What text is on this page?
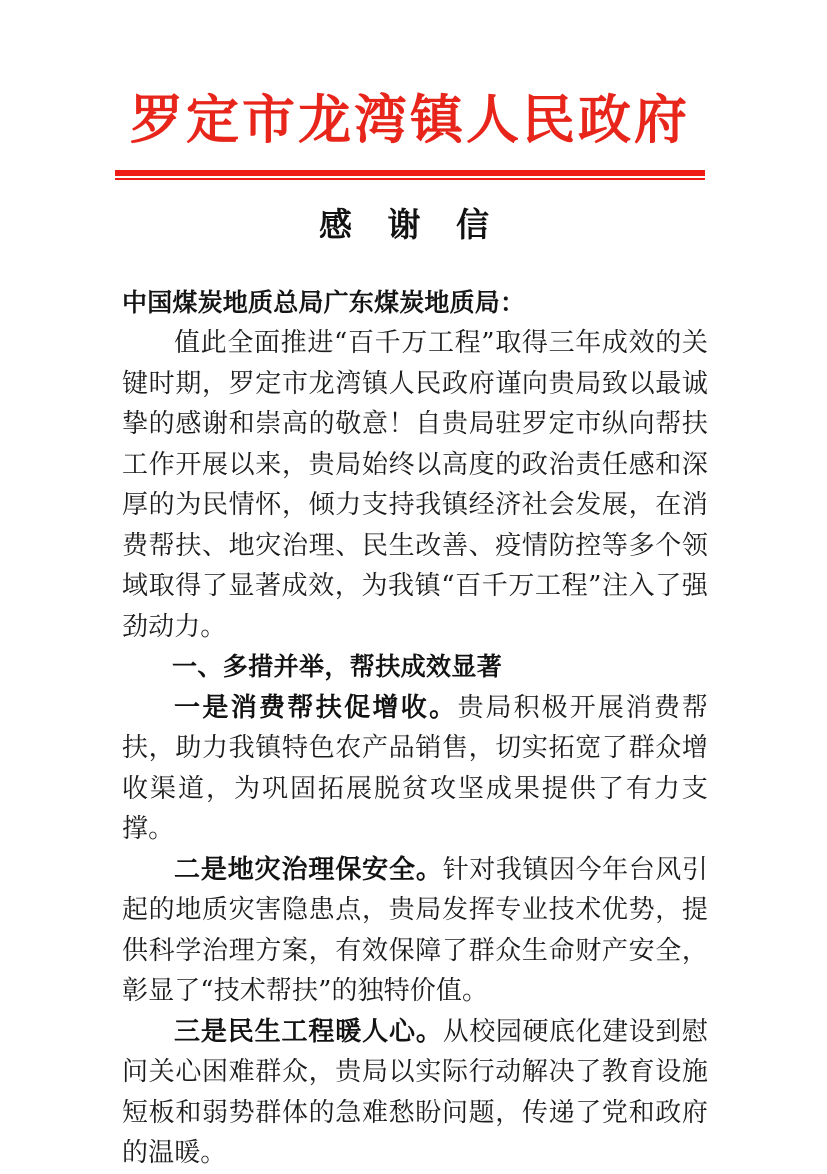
罗定市龙湾镇人民政府
感 谢 信
中国煤炭地质总局广东煤炭地质局：

值此全面推进“百千万工程”取得三年成效的关键时期，罗定市龙湾镇人民政府谨向贵局致以最诚挚的感谢和崇高的敬意！自贵局驻罗定市纵向帮扶工作开展以来，贵局始终以高度的政治责任感和深厚的为民情怀，倾力支持我镇经济社会发展，在消费帮扶、地灾治理、民生改善、疫情防控等多个领域取得了显著成效，为我镇“百千万工程”注入了强劲动力。

一、多措并举，帮扶成效显著

一是消费帮扶促增收。贵局积极开展消费帮扶，助力我镇特色农产品销售，切实拓宽了群众增收渠道，为巩固拓展脱贫攻坚成果提供了有力支撑。

二是地灾治理保安全。针对我镇因今年台风引起的地质灾害隐患点，贵局发挥专业技术优势，提供科学治理方案，有效保障了群众生命财产安全，彰显了“技术帮扶”的独特价值。

三是民生工程暖人心。从校园硬底化建设到慰问关心困难群众，贵局以实际行动解决了教育设施短板和弱势群体的急难愁盼问题，传递了党和政府的温暖。
